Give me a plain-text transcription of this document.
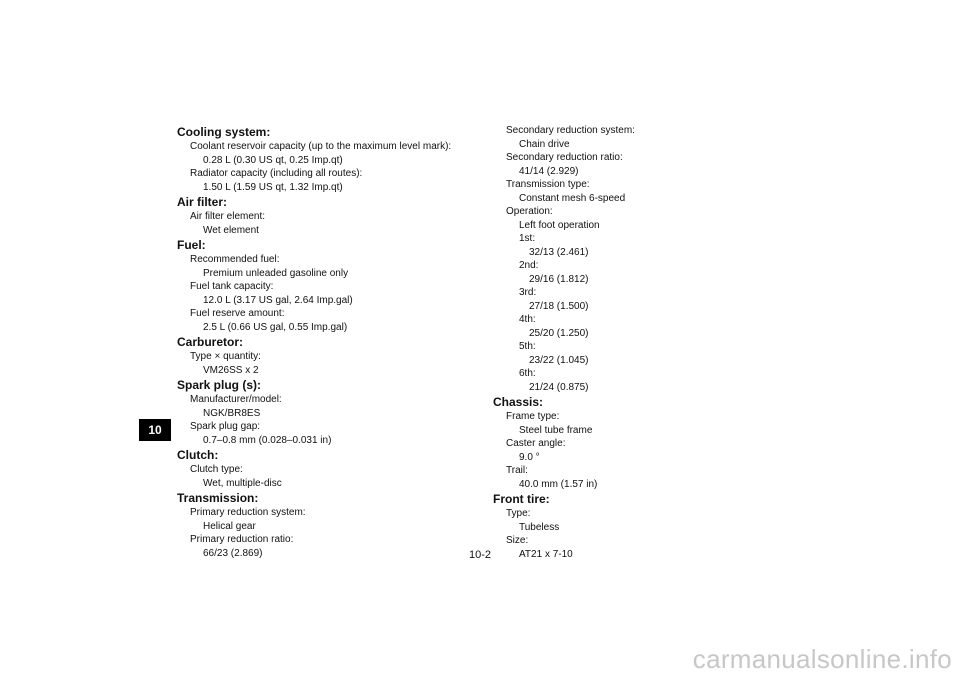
10
Cooling system:
Coolant reservoir capacity (up to the maximum level mark):
0.28 L (0.30 US qt, 0.25 Imp.qt)
Radiator capacity (including all routes):
1.50 L (1.59 US qt, 1.32 Imp.qt)
Air filter:
Air filter element:
Wet element
Fuel:
Recommended fuel:
Premium unleaded gasoline only
Fuel tank capacity:
12.0 L (3.17 US gal, 2.64 Imp.gal)
Fuel reserve amount:
2.5 L (0.66 US gal, 0.55 Imp.gal)
Carburetor:
Type × quantity:
VM26SS x 2
Spark plug (s):
Manufacturer/model:
NGK/BR8ES
Spark plug gap:
0.7–0.8 mm (0.028–0.031 in)
Clutch:
Clutch type:
Wet, multiple-disc
Transmission:
Primary reduction system:
Helical gear
Primary reduction ratio:
66/23 (2.869)
Secondary reduction system:
Chain drive
Secondary reduction ratio:
41/14 (2.929)
Transmission type:
Constant mesh 6-speed
Operation:
Left foot operation
1st:
32/13 (2.461)
2nd:
29/16 (1.812)
3rd:
27/18 (1.500)
4th:
25/20 (1.250)
5th:
23/22 (1.045)
6th:
21/24 (0.875)
Chassis:
Frame type:
Steel tube frame
Caster angle:
9.0 °
Trail:
40.0 mm (1.57 in)
Front tire:
Type:
Tubeless
Size:
AT21 x 7-10
10-2
carmanualsonline.info
